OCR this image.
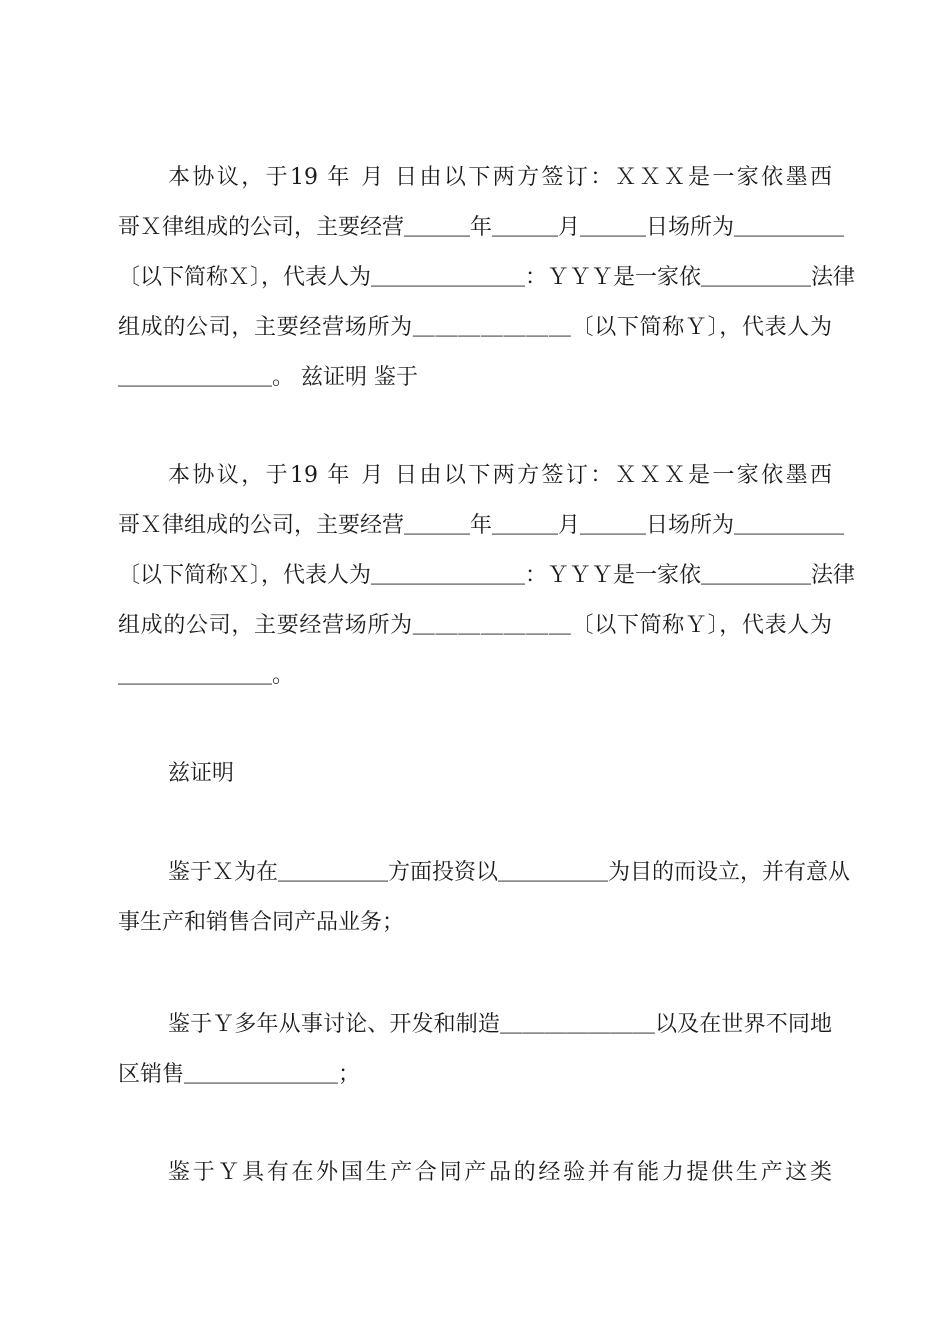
本协议，于19 年 月 日由以下两方签订：ＸＸＸ是一家依墨西
哥Ｘ律组成的公司，主要经营＿＿＿年＿＿＿月＿＿＿日场所为＿＿＿＿＿
〔以下简称Ｘ〕，代表人为＿＿＿＿＿＿＿：ＹＹＹ是一家依＿＿＿＿＿法律
组成的公司，主要经营场所为＿＿＿＿＿＿＿〔以下简称Ｙ〕，代表人为
＿＿＿＿＿＿＿。 兹证明 鉴于

本协议，于19 年 月 日由以下两方签订：ＸＸＸ是一家依墨西
哥Ｘ律组成的公司，主要经营＿＿＿年＿＿＿月＿＿＿日场所为＿＿＿＿＿
〔以下简称Ｘ〕，代表人为＿＿＿＿＿＿＿：ＹＹＹ是一家依＿＿＿＿＿法律
组成的公司，主要经营场所为＿＿＿＿＿＿＿〔以下简称Ｙ〕，代表人为
＿＿＿＿＿＿＿。

兹证明

鉴于Ｘ为在＿＿＿＿＿方面投资以＿＿＿＿＿为目的而设立，并有意从
事生产和销售合同产品业务；

鉴于Ｙ多年从事讨论、开发和制造＿＿＿＿＿＿＿以及在世界不同地
区销售＿＿＿＿＿＿＿；

鉴于Ｙ具有在外国生产合同产品的经验并有能力提供生产这类
